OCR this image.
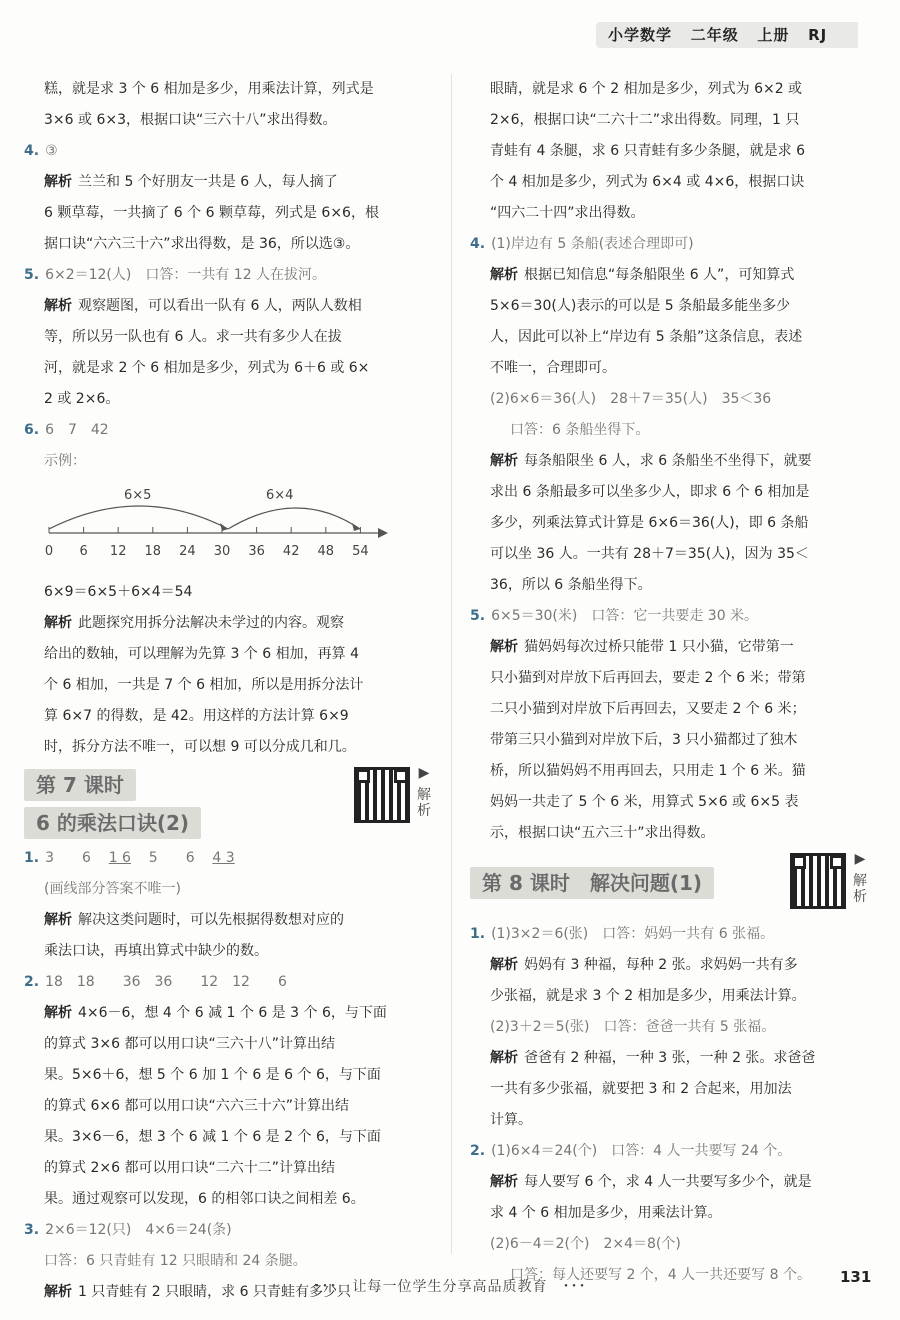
小学数学 二年级 上册 RJ
糕，就是求 3 个 6 相加是多少，用乘法计算，列式是
3×6 或 6×3，根据口诀“三六十八”求出得数。
4. ③
解析 兰兰和 5 个好朋友一共是 6 人，每人摘了
6 颗草莓，一共摘了 6 个 6 颗草莓，列式是 6×6，根
据口诀“六六三十六”求出得数，是 36，所以选③。
5. 6×2＝12(人)　口答：一共有 12 人在拔河。
解析 观察题图，可以看出一队有 6 人，两队人数相
等，所以另一队也有 6 人。求一共有多少人在拔
河，就是求 2 个 6 相加是多少，列式为 6＋6 或 6×
2 或 2×6。
6. 6　7　42
示例：
6×5	6×4
0 6 12 18 24 30 36 42 48 54
6×9＝6×5＋6×4＝54
解析 此题探究用拆分法解决未学过的内容。观察
给出的数轴，可以理解为先算 3 个 6 相加，再算 4
个 6 相加，一共是 7 个 6 相加，所以是用拆分法计
算 6×7 的得数，是 42。用这样的方法计算 6×9
时，拆分方法不唯一，可以想 9 可以分成几和几。
第 7 课时
6 的乘法口诀(2)
▶
解析
1. 3　　6 1 6 5　　6 4 3
(画线部分答案不唯一)
解析 解决这类问题时，可以先根据得数想对应的
乘法口诀，再填出算式中缺少的数。
2. 18　18　　36　36　　12　12　　6
解析 4×6－6，想 4 个 6 减 1 个 6 是 3 个 6，与下面
的算式 3×6 都可以用口诀“三六十八”计算出结
果。5×6＋6，想 5 个 6 加 1 个 6 是 6 个 6，与下面
的算式 6×6 都可以用口诀“六六三十六”计算出结
果。3×6－6，想 3 个 6 减 1 个 6 是 2 个 6，与下面
的算式 2×6 都可以用口诀“二六十二”计算出结
果。通过观察可以发现，6 的相邻口诀之间相差 6。
3. 2×6＝12(只)　4×6＝24(条)
口答：6 只青蛙有 12 只眼睛和 24 条腿。
解析 1 只青蛙有 2 只眼睛，求 6 只青蛙有多少只
眼睛，就是求 6 个 2 相加是多少，列式为 6×2 或
2×6，根据口诀“二六十二”求出得数。同理，1 只
青蛙有 4 条腿，求 6 只青蛙有多少条腿，就是求 6
个 4 相加是多少，列式为 6×4 或 4×6，根据口诀
“四六二十四”求出得数。
4. (1)岸边有 5 条船(表述合理即可)
解析 根据已知信息“每条船限坐 6 人”，可知算式
5×6＝30(人)表示的可以是 5 条船最多能坐多少
人，因此可以补上“岸边有 5 条船”这条信息，表述
不唯一，合理即可。
(2)6×6＝36(人)　28＋7＝35(人)　35＜36
口答：6 条船坐得下。
解析 每条船限坐 6 人，求 6 条船坐不坐得下，就要
求出 6 条船最多可以坐多少人，即求 6 个 6 相加是
多少，列乘法算式计算是 6×6＝36(人)，即 6 条船
可以坐 36 人。一共有 28＋7＝35(人)，因为 35＜
36，所以 6 条船坐得下。
5. 6×5＝30(米)　口答：它一共要走 30 米。
解析 猫妈妈每次过桥只能带 1 只小猫，它带第一
只小猫到对岸放下后再回去，要走 2 个 6 米；带第
二只小猫到对岸放下后再回去，又要走 2 个 6 米；
带第三只小猫到对岸放下后，3 只小猫都过了独木
桥，所以猫妈妈不用再回去，只用走 1 个 6 米。猫
妈妈一共走了 5 个 6 米，用算式 5×6 或 6×5 表
示，根据口诀“五六三十”求出得数。
第 8 课时　解决问题(1)
▶
解析
1. (1)3×2＝6(张)　口答：妈妈一共有 6 张福。
解析 妈妈有 3 种福，每种 2 张。求妈妈一共有多
少张福，就是求 3 个 2 相加是多少，用乘法计算。
(2)3＋2＝5(张)　口答：爸爸一共有 5 张福。
解析 爸爸有 2 种福，一种 3 张，一种 2 张。求爸爸
一共有多少张福，就要把 3 和 2 合起来，用加法
计算。
2. (1)6×4＝24(个)　口答：4 人一共要写 24 个。
解析 每人要写 6 个，求 4 人一共要写多少个，就是
求 4 个 6 相加是多少，用乘法计算。
(2)6－4＝2(个)　2×4＝8(个)
口答：每人还要写 2 个，4 人一共还要写 8 个。
･･･　让每一位学生分享高品质教育　･･･
131
